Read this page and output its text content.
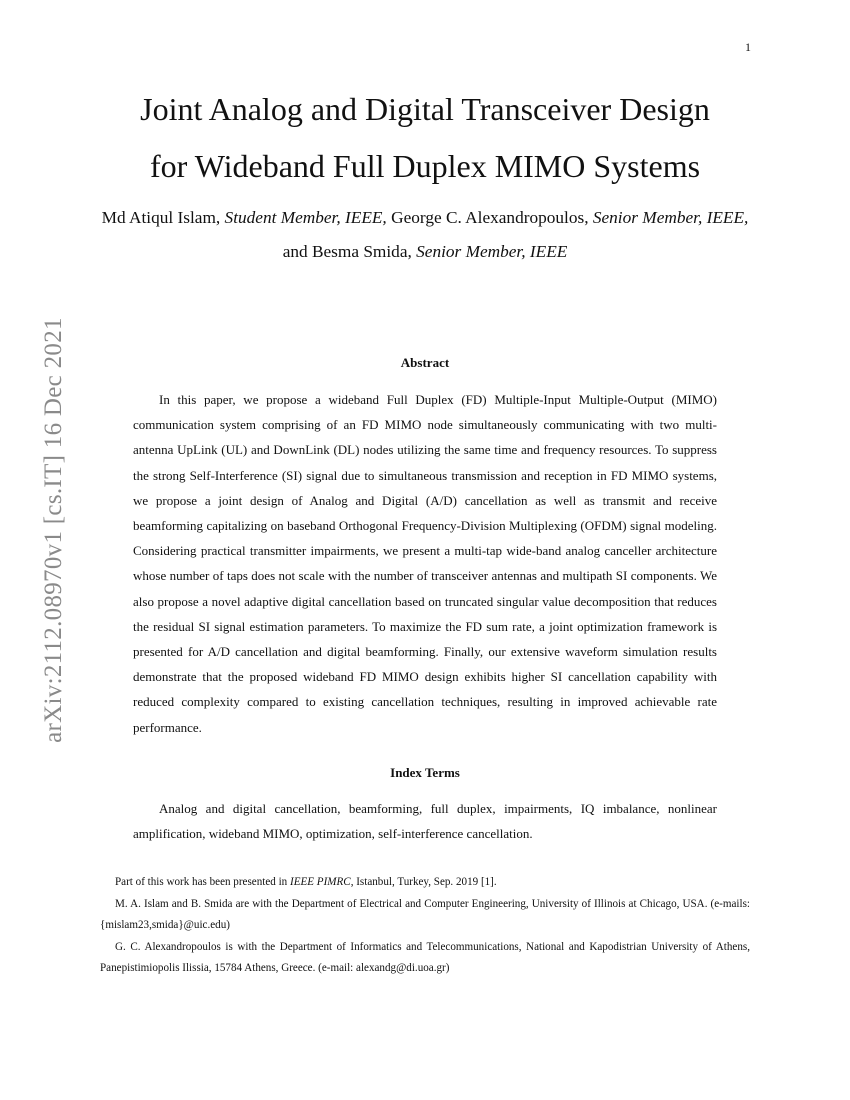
1
arXiv:2112.08970v1 [cs.IT] 16 Dec 2021
Joint Analog and Digital Transceiver Design
for Wideband Full Duplex MIMO Systems
Md Atiqul Islam, Student Member, IEEE, George C. Alexandropoulos, Senior Member, IEEE, and Besma Smida, Senior Member, IEEE
Abstract

In this paper, we propose a wideband Full Duplex (FD) Multiple-Input Multiple-Output (MIMO) communication system comprising of an FD MIMO node simultaneously communicating with two multi-antenna UpLink (UL) and DownLink (DL) nodes utilizing the same time and frequency resources. To suppress the strong Self-Interference (SI) signal due to simultaneous transmission and reception in FD MIMO systems, we propose a joint design of Analog and Digital (A/D) cancellation as well as transmit and receive beamforming capitalizing on baseband Orthogonal Frequency-Division Multiplexing (OFDM) signal modeling. Considering practical transmitter impairments, we present a multi-tap wide-band analog canceller architecture whose number of taps does not scale with the number of transceiver antennas and multipath SI components. We also propose a novel adaptive digital cancellation based on truncated singular value decomposition that reduces the residual SI signal estimation parameters. To maximize the FD sum rate, a joint optimization framework is presented for A/D cancellation and digital beamforming. Finally, our extensive waveform simulation results demonstrate that the proposed wideband FD MIMO design exhibits higher SI cancellation capability with reduced complexity compared to existing cancellation techniques, resulting in improved achievable rate performance.

Index Terms

Analog and digital cancellation, beamforming, full duplex, impairments, IQ imbalance, nonlinear amplification, wideband MIMO, optimization, self-interference cancellation.

Part of this work has been presented in IEEE PIMRC, Istanbul, Turkey, Sep. 2019 [1].

M. A. Islam and B. Smida are with the Department of Electrical and Computer Engineering, University of Illinois at Chicago, USA. (e-mails: {mislam23,smida}@uic.edu)

G. C. Alexandropoulos is with the Department of Informatics and Telecommunications, National and Kapodistrian University of Athens, Panepistimiopolis Ilissia, 15784 Athens, Greece. (e-mail: alexandg@di.uoa.gr)
